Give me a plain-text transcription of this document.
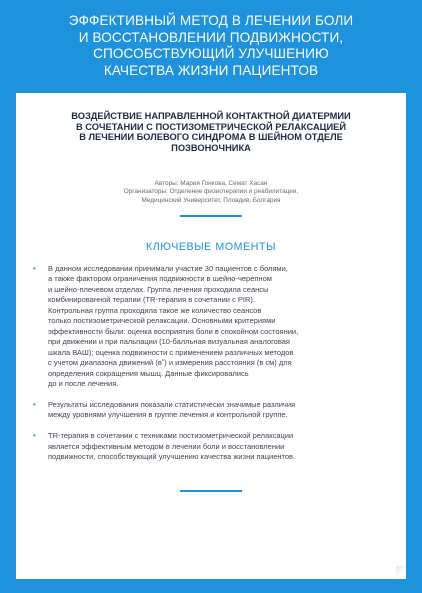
ЭФФЕКТИВНЫЙ МЕТОД В ЛЕЧЕНИИ БОЛИ
И ВОССТАНОВЛЕНИИ ПОДВИЖНОСТИ,
СПОСОБСТВУЮЩИЙ УЛУЧШЕНИЮ
КАЧЕСТВА ЖИЗНИ ПАЦИЕНТОВ
ВОЗДЕЙСТВИЕ НАПРАВЛЕННОЙ КОНТАКТНОЙ ДИАТЕРМИИ
В СОЧЕТАНИИ С ПОСТИЗОМЕТРИЧЕСКОЙ РЕЛАКСАЦИЕЙ
В ЛЕЧЕНИИ БОЛЕВОГО СИНДРОМА В ШЕЙНОМ ОТДЕЛЕ
ПОЗВОНОЧНИКА
Авторы: Мария Гонкова, Семат Хасан
Организаторы: Отделение физиотерапии и реабилитации,
Медицинский Университет, Пловдив, Болгария
КЛЮЧЕВЫЕ МОМЕНТЫ
• В данном исследовании принимали участие 30 пациентов с болями,
а также фактором ограничения подвижности в шейно-черепном
и шейно-плечевом отделах. Группа лечения проходила сеансы
комбинированной терапии (TR-терапия в сочетании с PIR).
Контрольная группа проходила такое же количество сеансов
только постизометрической релаксации. Основными критериями
эффективности были: оценка восприятия боли в спокойном состоянии,
при движении и при пальпации (10-балльная визуальная аналоговая
шкала ВАШ); оценка подвижности с применением различных методов
с учетом диапазона движений (в˚) и измерения расстояния (в см) для
определения сокращения мышц. Данные фиксировались
до и после лечения.
• Результаты исследования показали статистически значимые различия
между уровнями улучшения в группе лечения и контрольной группе.
• TR-терапия в сочетании с техниками постизометрической релаксации
является эффективным методом в лечении боли и восстановлении
подвижности, способствующий улучшению качества жизни пациентов.
